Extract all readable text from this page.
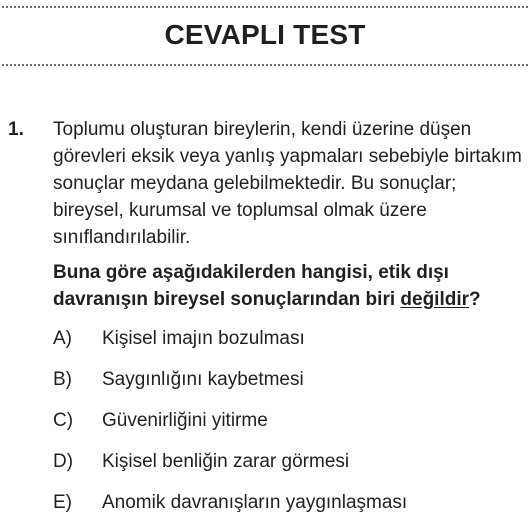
CEVAPLI TEST
1. Toplumu oluşturan bireylerin, kendi üzerine düşen görevleri eksik veya yanlış yapmaları sebebiyle birtakım sonuçlar meydana gelebilmektedir. Bu sonuçlar; bireysel, kurumsal ve toplumsal olmak üzere sınıflandırılabilir.

Buna göre aşağıdakilerden hangisi, etik dışı davranışın bireysel sonuçlarından biri değildir?

A) Kişisel imajın bozulması
B) Saygınlığını kaybetmesi
C) Güvenirliğini yitirme
D) Kişisel benliğin zarar görmesi
E) Anomik davranışların yaygınlaşması
